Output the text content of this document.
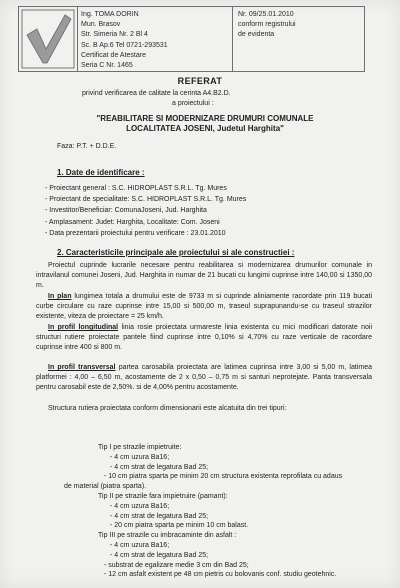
Ing. TOMA DORIN
Mun. Brasov
Str. Simeria Nr. 2 Bl 4
Sc. B Ap.6 Tel 0721-293531
Certificat de Atestare
Seria C Nr. 1465
Nr. 09/25.01.2010
conform registrului
de evidenta
REFERAT
privind verificarea de calitate la cerinta A4.B2.D.
a proiectului :
"REABILITARE SI MODERNIZARE DRUMURI COMUNALE
LOCALITATEA JOSENI, Judetul Harghita"
Faza: P.T. + D.D.E.
1. Date de identificare :
- Proiectant general : S.C. HIDROPLAST S.R.L. Tg. Mures
- Proiectant de specialitate: S.C. HIDROPLAST S.R.L. Tg. Mures
- Investitor/Beneficiar: ComunaJoseni, Jud. Harghita
- Amplasament: Judet: Harghita, Localitate: Com. Joseni
- Data prezentarii proiectului pentru verificare : 23.01.2010
2. Caracteristicile principale ale proiectului si ale constructiei :
Proiectul cuprinde lucrarile necesare pentru reabilitarea si modernizarea drumurilor comunale in intravilanul comunei Joseni, Jud. Harghita in numar de 21 bucati cu lungimi cuprinse intre 140,00 si 1350,00 m.
In plan lungimea totala a drumului este de 9733 m si cuprinde aliniamente racordate prin 119 bucati curbe circulare cu raze cuprinse intre 15,00 si 500,00 m, traseul suprapunandu-se cu traseul strazilor existente, viteza de proiectare = 25 km/h.
In profil longitudinal linia rosie proiectata urmareste linia existenta cu mici modificari datorate noii structuri rutiere proiectate pantele fiind cuprinse intre 0,10% si 4,70% cu raze verticale de racordare cuprinse intre 400 si 800 m.
In profil transversal partea carosabila proiectata are latimea cuprinsa intre 3,00 si 5,00 m, latimea platformei : 4,00 – 6,50 m, acostamente de 2 x 0,50 – 0,75 m si santuri neprotejate. Panta transversala pentru carosabil este de 2,50%. si de 4,00% pentru acostamente.
Structura rutiera proiectata conform dimensionarii este alcatuita din trei tipuri:
Tip I pe strazile impietruite:
- 4 cm uzura Ba16;
- 4 cm strat de legatura Bad 25;
- 10 cm piatra sparta pe minim 20 cm structura existenta reprofilata cu adaus
de material (piatra sparta).
Tip II pe strazile fara impietruire (pamant):
- 4 cm uzura Ba16;
- 4 cm strat de legatura Bad 25;
- 20 cm piatra sparta pe minim 10 cm balast.
Tip III pe strazile cu imbracaminte din asfalt :
- 4 cm uzura Ba16;
- 4 cm strat de legatura Bad 25;
- substrat de egalizare medie 3 cm din Bad 25;
- 12 cm asfalt existent pe 48 cm pietris cu bolovanis conf. studiu geotehnic.
